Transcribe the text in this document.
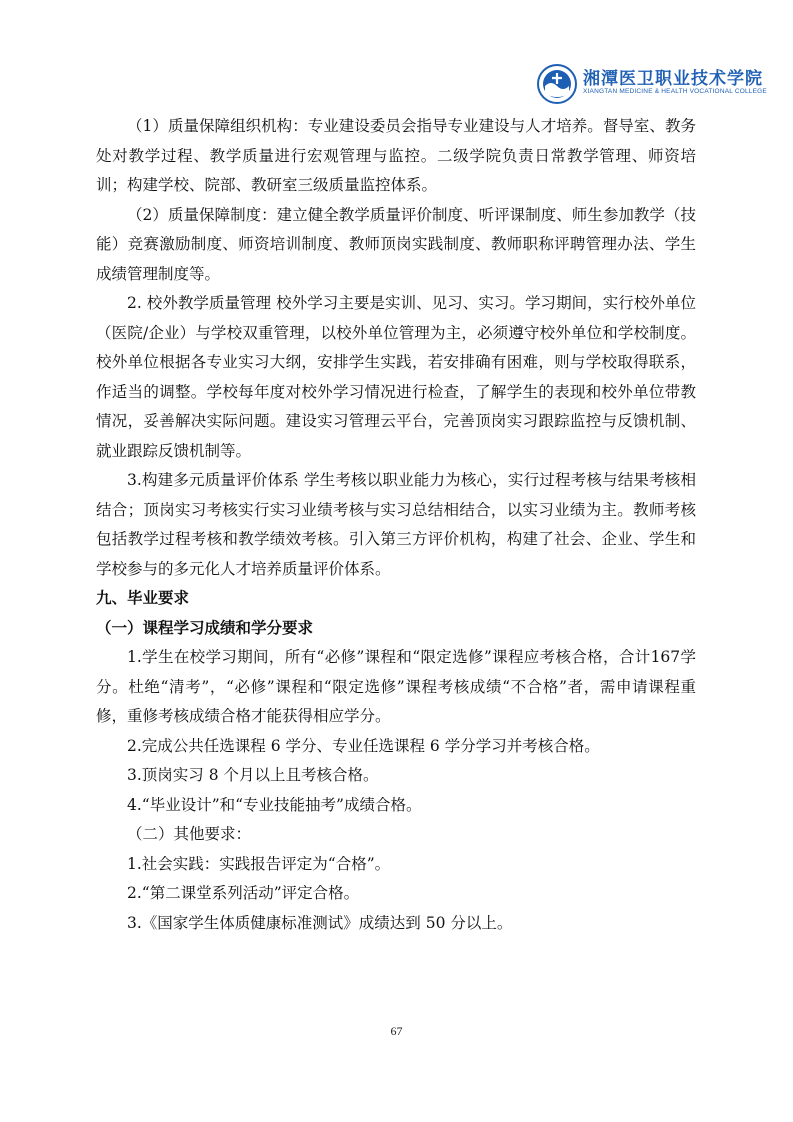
湘潭医卫职业技术学院
XIANGTAN MEDICINE & HEALTH VOCATIONAL COLLEGE

（1）质量保障组织机构：专业建设委员会指导专业建设与人才培养。督导室、教务处对教学过程、教学质量进行宏观管理与监控。二级学院负责日常教学管理、师资培训；构建学校、院部、教研室三级质量监控体系。

（2）质量保障制度：建立健全教学质量评价制度、听评课制度、师生参加教学（技能）竞赛激励制度、师资培训制度、教师顶岗实践制度、教师职称评聘管理办法、学生成绩管理制度等。

2. 校外教学质量管理 校外学习主要是实训、见习、实习。学习期间，实行校外单位（医院/企业）与学校双重管理，以校外单位管理为主，必须遵守校外单位和学校制度。校外单位根据各专业实习大纲，安排学生实践，若安排确有困难，则与学校取得联系，作适当的调整。学校每年度对校外学习情况进行检查，了解学生的表现和校外单位带教情况，妥善解决实际问题。建设实习管理云平台，完善顶岗实习跟踪监控与反馈机制、就业跟踪反馈机制等。

3.构建多元质量评价体系 学生考核以职业能力为核心，实行过程考核与结果考核相结合；顶岗实习考核实行实习业绩考核与实习总结相结合，以实习业绩为主。教师考核包括教学过程考核和教学绩效考核。引入第三方评价机构，构建了社会、企业、学生和学校参与的多元化人才培养质量评价体系。

九、毕业要求
（一）课程学习成绩和学分要求

1.学生在校学习期间，所有“必修”课程和“限定选修”课程应考核合格，合计167学分。杜绝“清考”，“必修”课程和“限定选修”课程考核成绩“不合格”者，需申请课程重修，重修考核成绩合格才能获得相应学分。

2.完成公共任选课程 6 学分、专业任选课程 6 学分学习并考核合格。

3.顶岗实习 8 个月以上且考核合格。

4.“毕业设计”和“专业技能抽考”成绩合格。

（二）其他要求：

1.社会实践：实践报告评定为“合格”。

2.“第二课堂系列活动”评定合格。

3.《国家学生体质健康标准测试》成绩达到 50 分以上。

67
